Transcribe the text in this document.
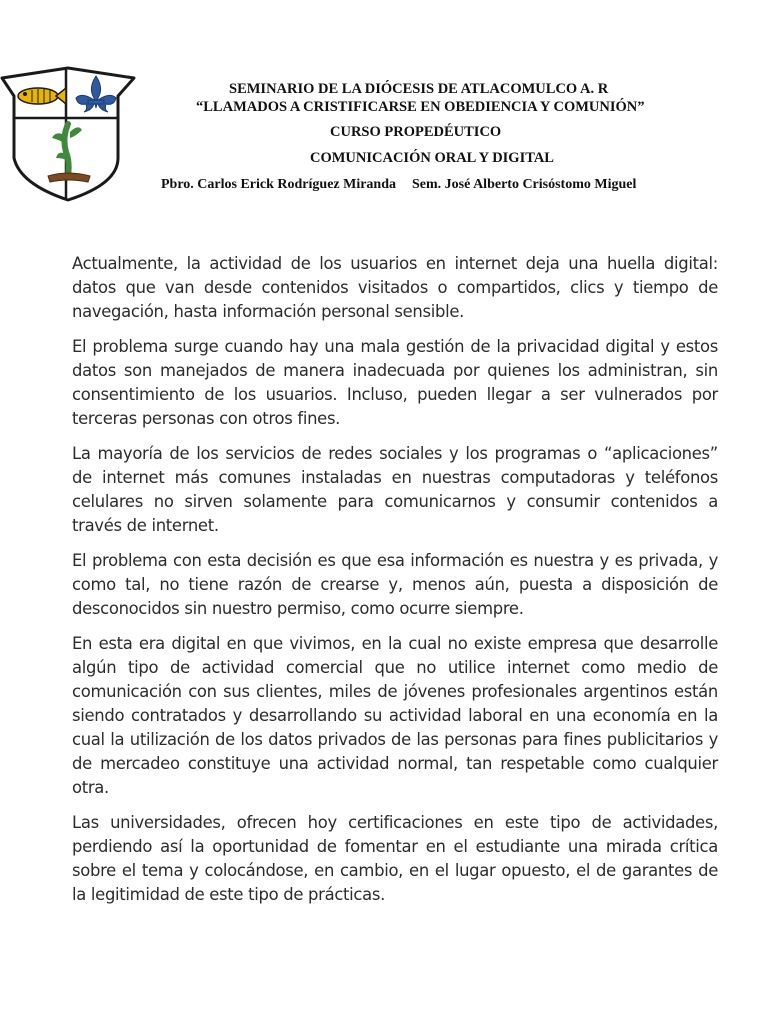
SEMINARIO DE LA DIÓCESIS DE ATLACOMULCO A. R
“LLAMADOS A CRISTIFICARSE EN OBEDIENCIA Y COMUNIÓN”
CURSO PROPEDÉUTICO
COMUNICACIÓN ORAL Y DIGITAL
Pbro. Carlos Erick Rodríguez Miranda Sem. José Alberto Crisóstomo Miguel

Actualmente, la actividad de los usuarios en internet deja una huella digital: datos que van desde contenidos visitados o compartidos, clics y tiempo de navegación, hasta información personal sensible.

El problema surge cuando hay una mala gestión de la privacidad digital y estos datos son manejados de manera inadecuada por quienes los administran, sin consentimiento de los usuarios. Incluso, pueden llegar a ser vulnerados por terceras personas con otros fines.

La mayoría de los servicios de redes sociales y los programas o “aplicaciones” de internet más comunes instaladas en nuestras computadoras y teléfonos celulares no sirven solamente para comunicarnos y consumir contenidos a través de internet.

El problema con esta decisión es que esa información es nuestra y es privada, y como tal, no tiene razón de crearse y, menos aún, puesta a disposición de desconocidos sin nuestro permiso, como ocurre siempre.

En esta era digital en que vivimos, en la cual no existe empresa que desarrolle algún tipo de actividad comercial que no utilice internet como medio de comunicación con sus clientes, miles de jóvenes profesionales argentinos están siendo contratados y desarrollando su actividad laboral en una economía en la cual la utilización de los datos privados de las personas para fines publicitarios y de mercadeo constituye una actividad normal, tan respetable como cualquier otra.

Las universidades, ofrecen hoy certificaciones en este tipo de actividades, perdiendo así la oportunidad de fomentar en el estudiante una mirada crítica sobre el tema y colocándose, en cambio, en el lugar opuesto, el de garantes de la legitimidad de este tipo de prácticas.
